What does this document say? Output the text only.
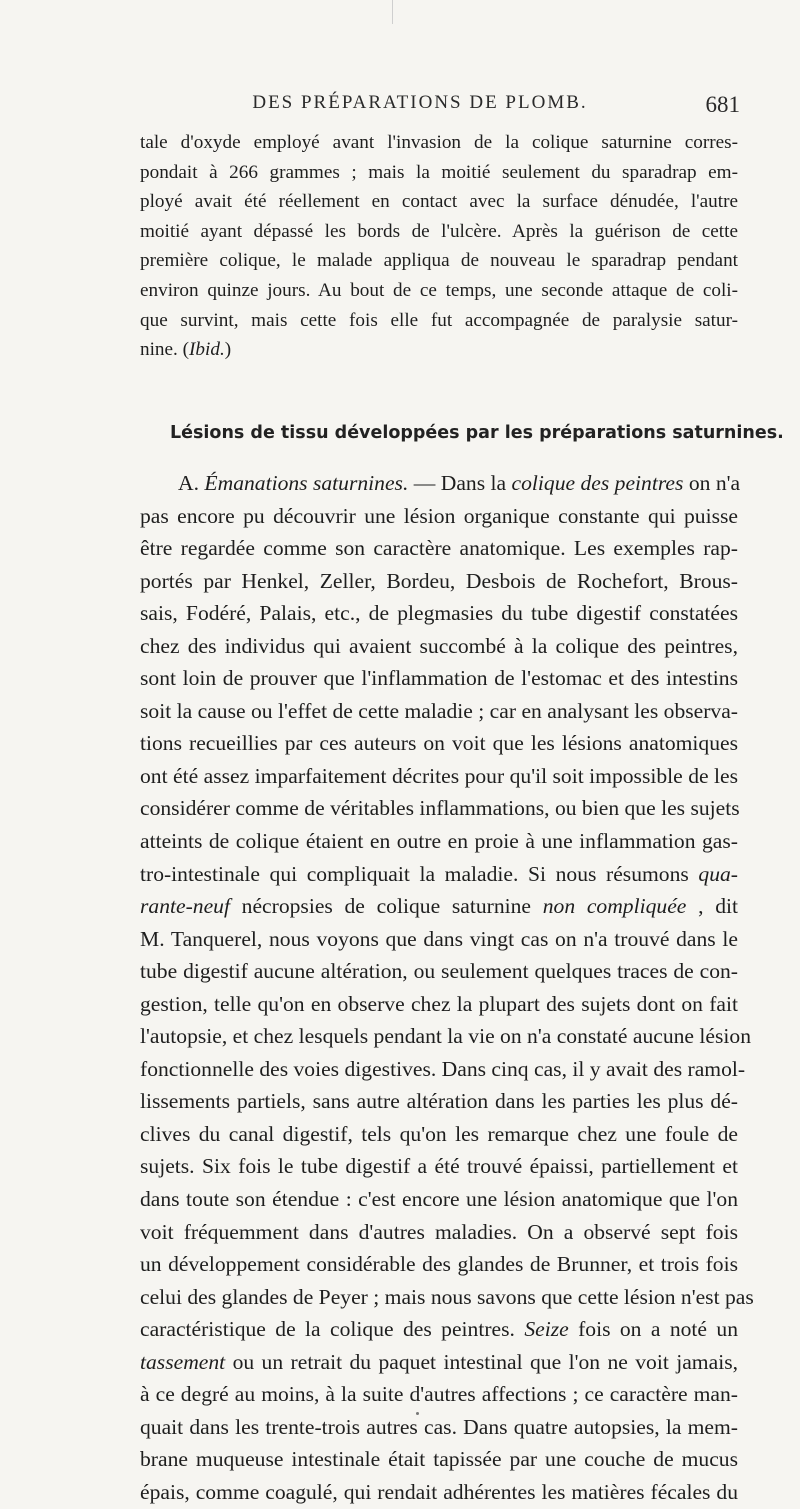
DES PRÉPARATIONS DE PLOMB.	681
tale d'oxyde employé avant l'invasion de la colique saturnine corres-
pondait à 266 grammes ; mais la moitié seulement du sparadrap em-
ployé avait été réellement en contact avec la surface dénudée, l'autre
moitié ayant dépassé les bords de l'ulcère. Après la guérison de cette
première colique, le malade appliqua de nouveau le sparadrap pendant
environ quinze jours. Au bout de ce temps, une seconde attaque de coli-
que survint, mais cette fois elle fut accompagnée de paralysie satur-
nine. (Ibid.)
Lésions de tissu développées par les préparations saturnines.
A. Émanations saturnines. — Dans la colique des peintres on n'a
pas encore pu découvrir une lésion organique constante qui puisse
être regardée comme son caractère anatomique. Les exemples rap-
portés par Henkel, Zeller, Bordeu, Desbois de Rochefort, Brous-
sais, Fodéré, Palais, etc., de plegmasies du tube digestif constatées
chez des individus qui avaient succombé à la colique des peintres,
sont loin de prouver que l'inflammation de l'estomac et des intestins
soit la cause ou l'effet de cette maladie ; car en analysant les observa-
tions recueillies par ces auteurs on voit que les lésions anatomiques
ont été assez imparfaitement décrites pour qu'il soit impossible de les
considérer comme de véritables inflammations, ou bien que les sujets
atteints de colique étaient en outre en proie à une inflammation gas-
tro-intestinale qui compliquait la maladie. Si nous résumons qua-
rante-neuf nécropsies de colique saturnine non compliquée , dit
M. Tanquerel, nous voyons que dans vingt cas on n'a trouvé dans le
tube digestif aucune altération, ou seulement quelques traces de con-
gestion, telle qu'on en observe chez la plupart des sujets dont on fait
l'autopsie, et chez lesquels pendant la vie on n'a constaté aucune lésion
fonctionnelle des voies digestives. Dans cinq cas, il y avait des ramol-
lissements partiels, sans autre altération dans les parties les plus dé-
clives du canal digestif, tels qu'on les remarque chez une foule de
sujets. Six fois le tube digestif a été trouvé épaissi, partiellement et
dans toute son étendue : c'est encore une lésion anatomique que l'on
voit fréquemment dans d'autres maladies. On a observé sept fois
un développement considérable des glandes de Brunner, et trois fois
celui des glandes de Peyer ; mais nous savons que cette lésion n'est pas
caractéristique de la colique des peintres. Seize fois on a noté un
tassement ou un retrait du paquet intestinal que l'on ne voit jamais,
à ce degré au moins, à la suite d'autres affections ; ce caractère man-
quait dans les trente-trois autres cas. Dans quatre autopsies, la mem-
brane muqueuse intestinale était tapissée par une couche de mucus
épais, comme coagulé, qui rendait adhérentes les matières fécales du
